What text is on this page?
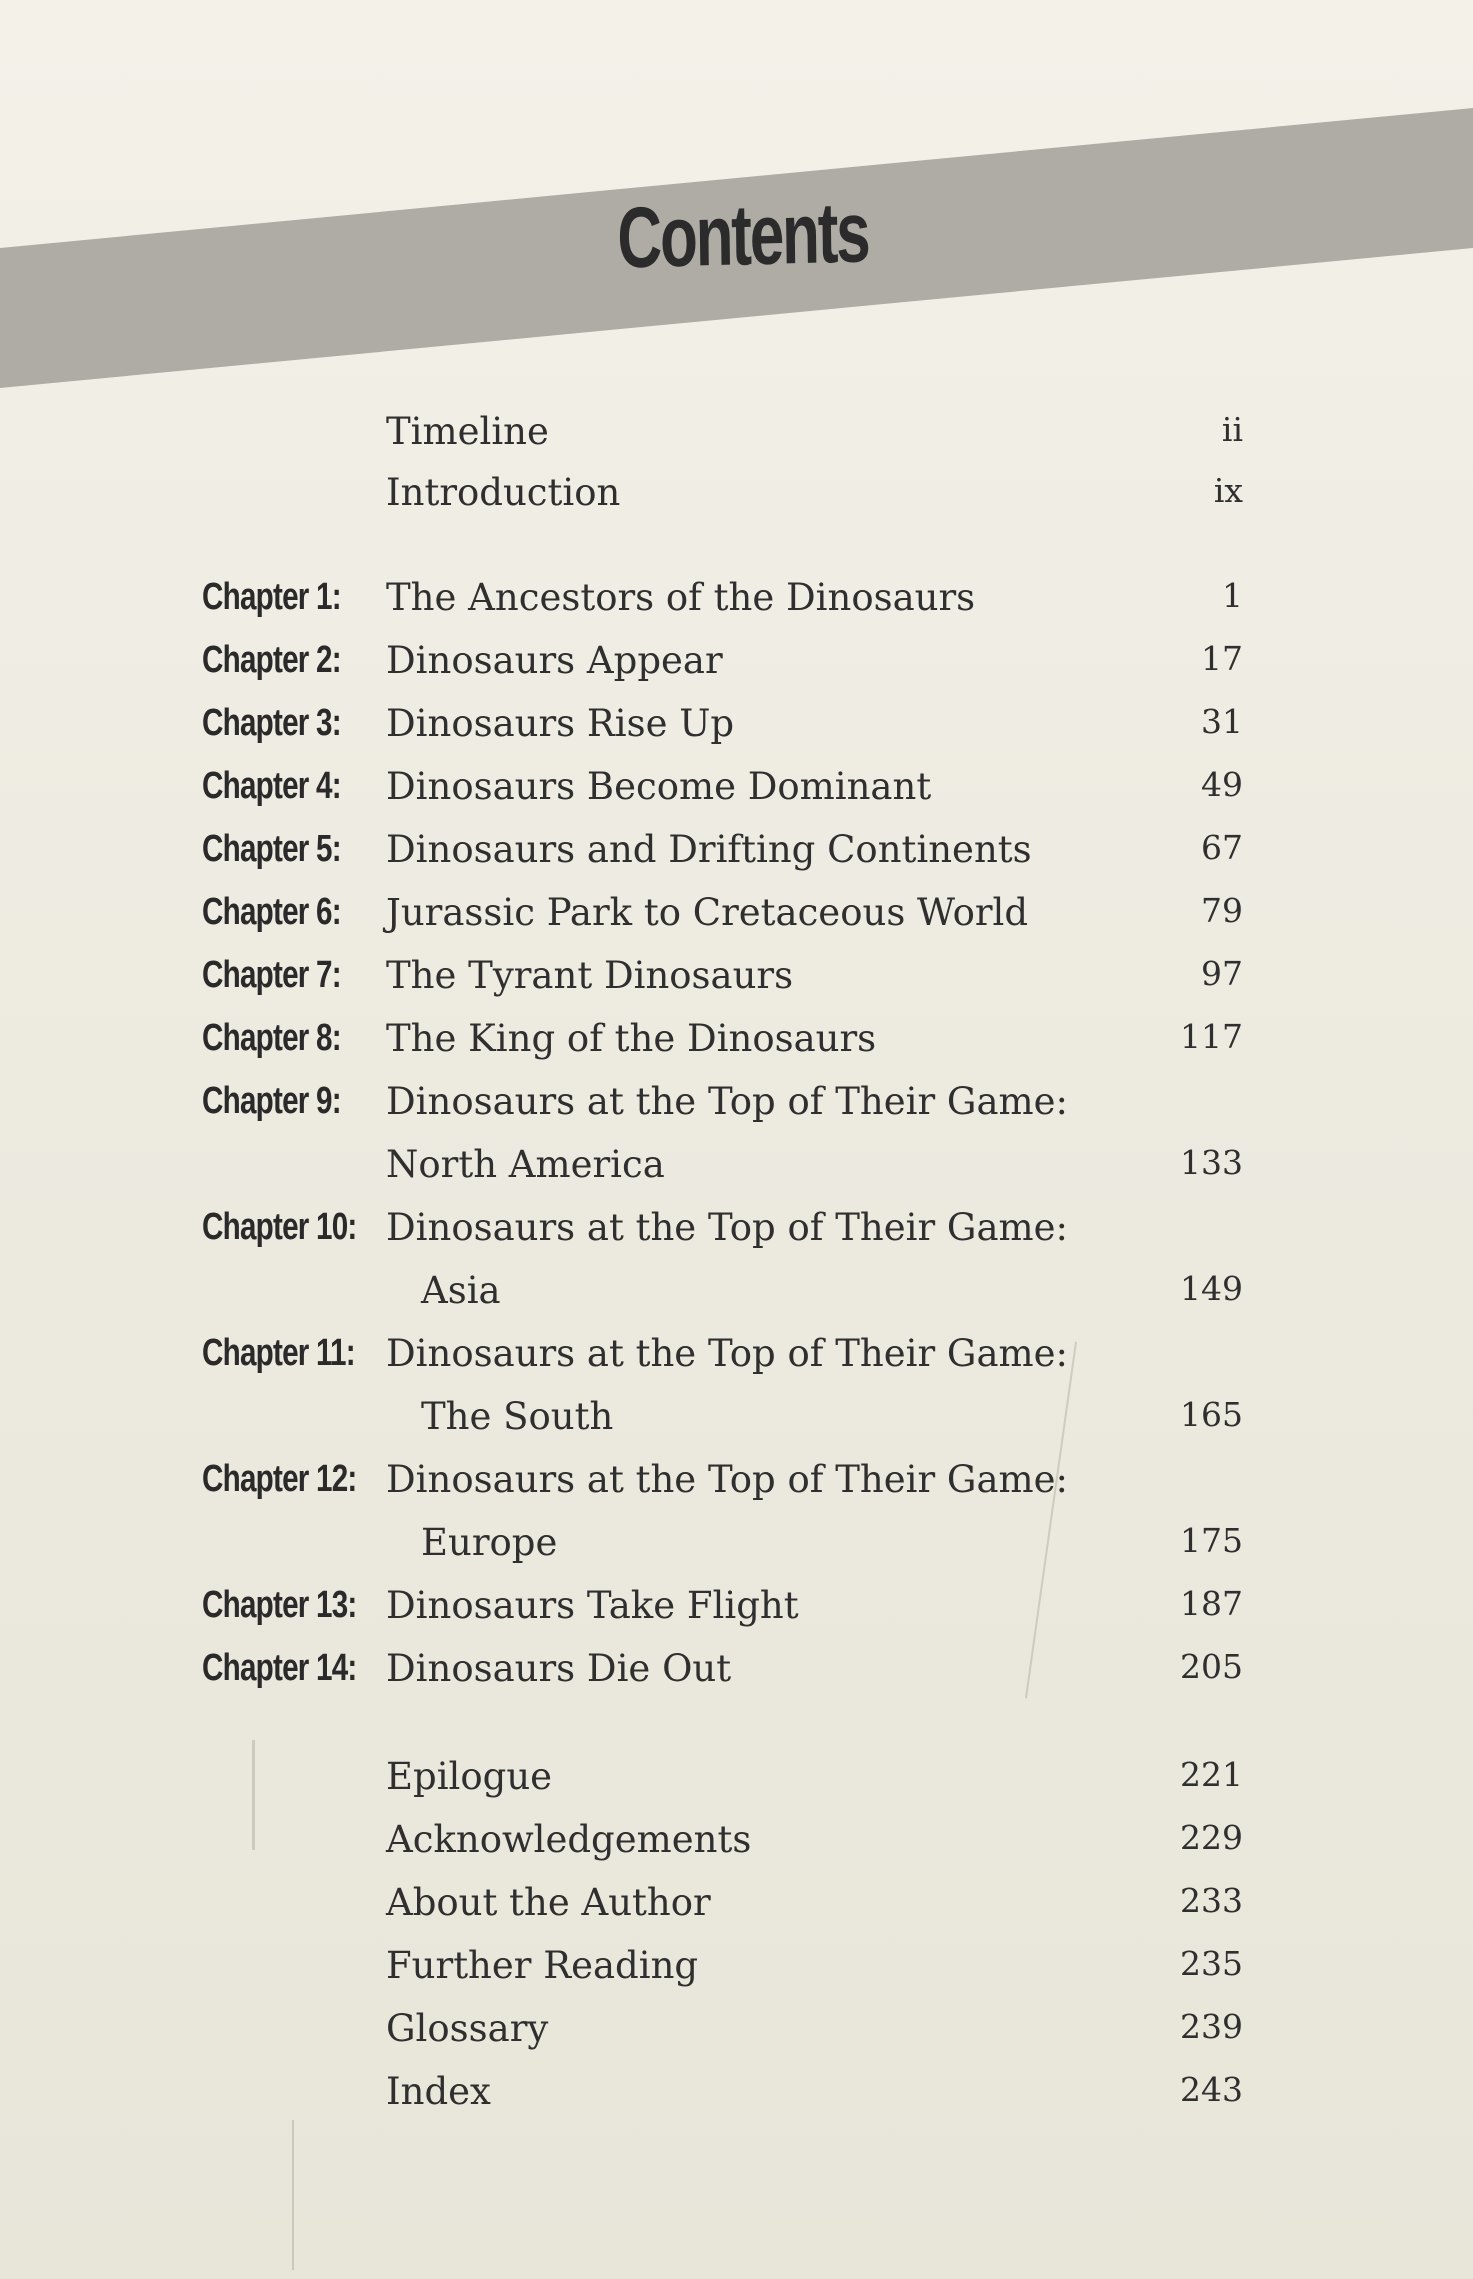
Contents
Timeline	ii
Introduction	ix
Chapter 1: The Ancestors of the Dinosaurs	1
Chapter 2: Dinosaurs Appear	17
Chapter 3: Dinosaurs Rise Up	31
Chapter 4: Dinosaurs Become Dominant	49
Chapter 5: Dinosaurs and Drifting Continents	67
Chapter 6: Jurassic Park to Cretaceous World	79
Chapter 7: The Tyrant Dinosaurs	97
Chapter 8: The King of the Dinosaurs	117
Chapter 9: Dinosaurs at the Top of Their Game:
North America	133
Chapter 10: Dinosaurs at the Top of Their Game:
Asia	149
Chapter 11: Dinosaurs at the Top of Their Game:
The South	165
Chapter 12: Dinosaurs at the Top of Their Game:
Europe	175
Chapter 13: Dinosaurs Take Flight	187
Chapter 14: Dinosaurs Die Out	205
Epilogue	221
Acknowledgements	229
About the Author	233
Further Reading	235
Glossary	239
Index	243
